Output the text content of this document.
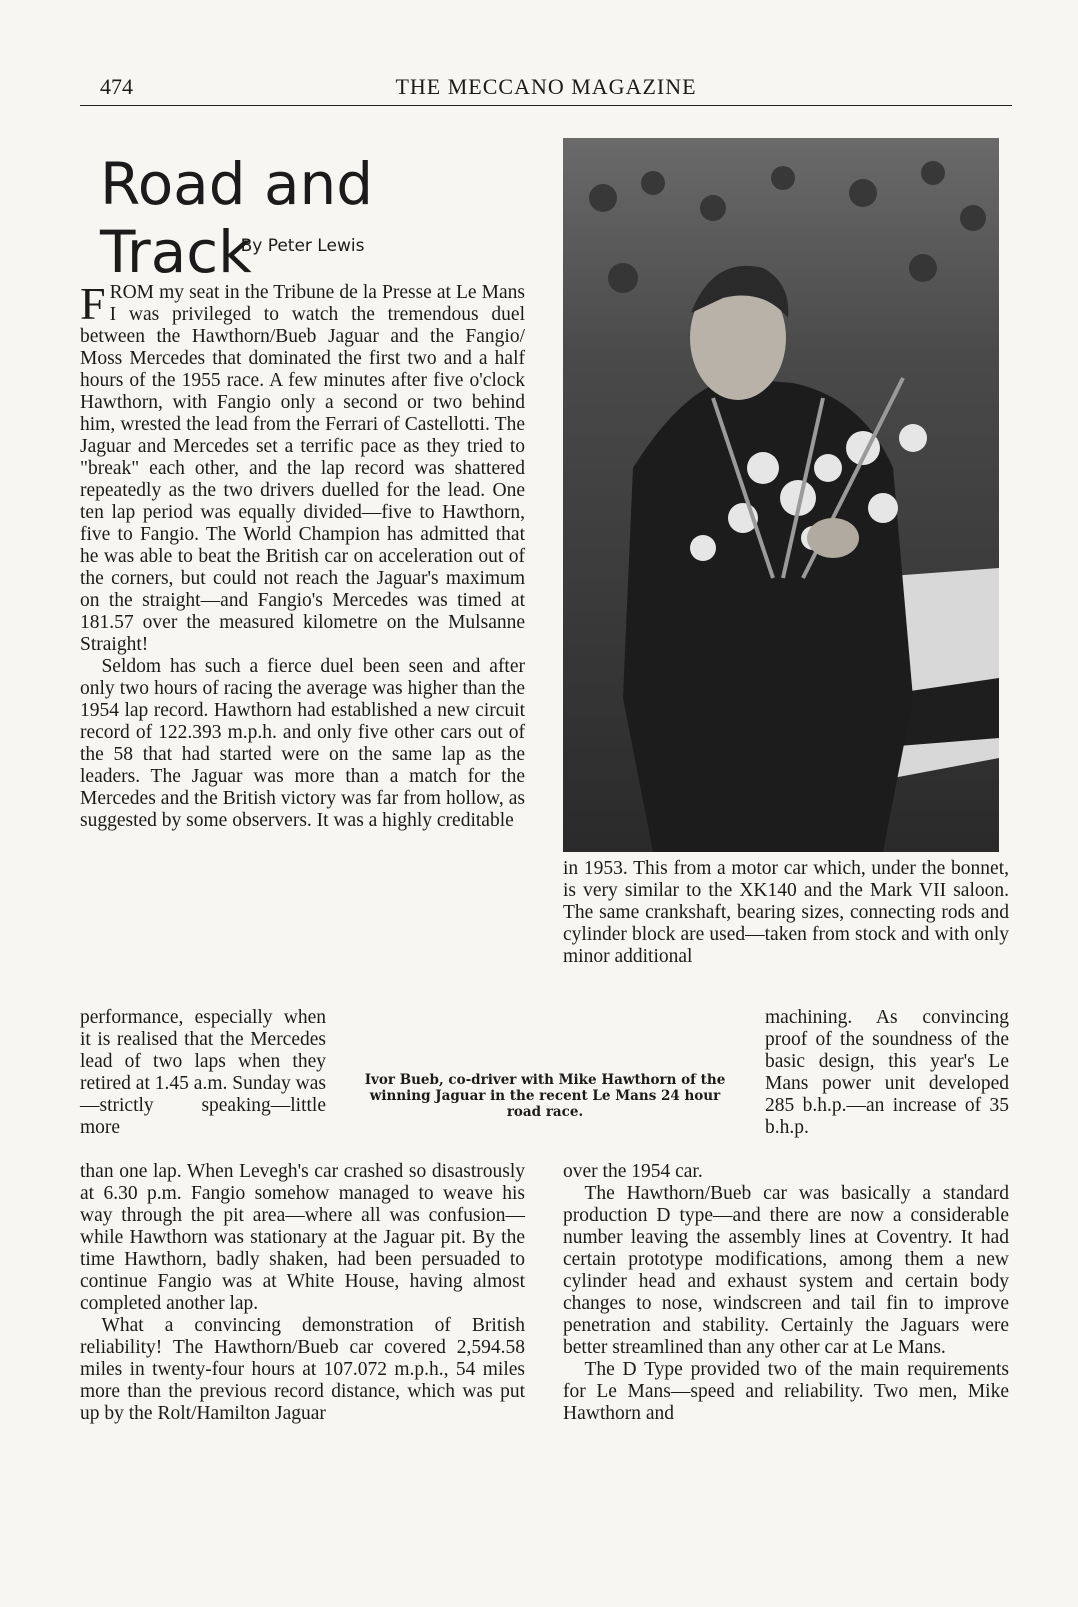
474	THE MECCANO MAGAZINE
Road and Track
By Peter Lewis

FROM my seat in the Tribune de la Presse at Le Mans I was privileged to watch the tremendous duel between the Hawthorn/Bueb Jaguar and the Fangio/ Moss Mercedes that dominated the first two and a half hours of the 1955 race. A few minutes after five o'clock Hawthorn, with Fangio only a second or two behind him, wrested the lead from the Ferrari of Castellotti. The Jaguar and Mercedes set a terrific pace as they tried to "break" each other, and the lap record was shattered repeatedly as the two drivers duelled for the lead. One ten lap period was equally divided—five to Hawthorn, five to Fangio. The World Champion has admitted that he was able to beat the British car on acceleration out of the corners, but could not reach the Jaguar's maximum on the straight—and Fangio's Mercedes was timed at 181.57 over the measured kilometre on the Mulsanne Straight!

Seldom has such a fierce duel been seen and after only two hours of racing the average was higher than the 1954 lap record. Hawthorn had established a new circuit record of 122.393 m.p.h. and only five other cars out of the 58 that had started were on the same lap as the leaders. The Jaguar was more than a match for the Mercedes and the British victory was far from hollow, as suggested by some observers. It was a highly creditable

performance, especially when it is realised that the Mercedes lead of two laps when they retired at 1.45 a.m. Sunday was—strictly speaking—little more

than one lap. When Levegh's car crashed so disastrously at 6.30 p.m. Fangio somehow managed to weave his way through the pit area—where all was confusion—while Hawthorn was stationary at the Jaguar pit. By the time Hawthorn, badly shaken, had been persuaded to continue Fangio was at White House, having almost completed another lap.

What a convincing demonstration of British reliability! The Hawthorn/Bueb car covered 2,594.58 miles in twenty-four hours at 107.072 m.p.h., 54 miles more than the previous record distance, which was put up by the Rolt/Hamilton Jaguar

in 1953. This from a motor car which, under the bonnet, is very similar to the XK140 and the Mark VII saloon. The same crankshaft, bearing sizes, connecting rods and cylinder block are used—taken from stock and with only minor additional

machining. As convincing proof of the soundness of the basic design, this year's Le Mans power unit developed 285 b.h.p.—an increase of 35 b.h.p.

over the 1954 car.

The Hawthorn/Bueb car was basically a standard production D type—and there are now a considerable number leaving the assembly lines at Coventry. It had certain prototype modifications, among them a new cylinder head and exhaust system and certain body changes to nose, windscreen and tail fin to improve penetration and stability. Certainly the Jaguars were better streamlined than any other car at Le Mans.

The D Type provided two of the main requirements for Le Mans—speed and reliability. Two men, Mike Hawthorn and

Ivor Bueb, co-driver with Mike Hawthorn of the winning Jaguar in the recent Le Mans 24 hour road race.
